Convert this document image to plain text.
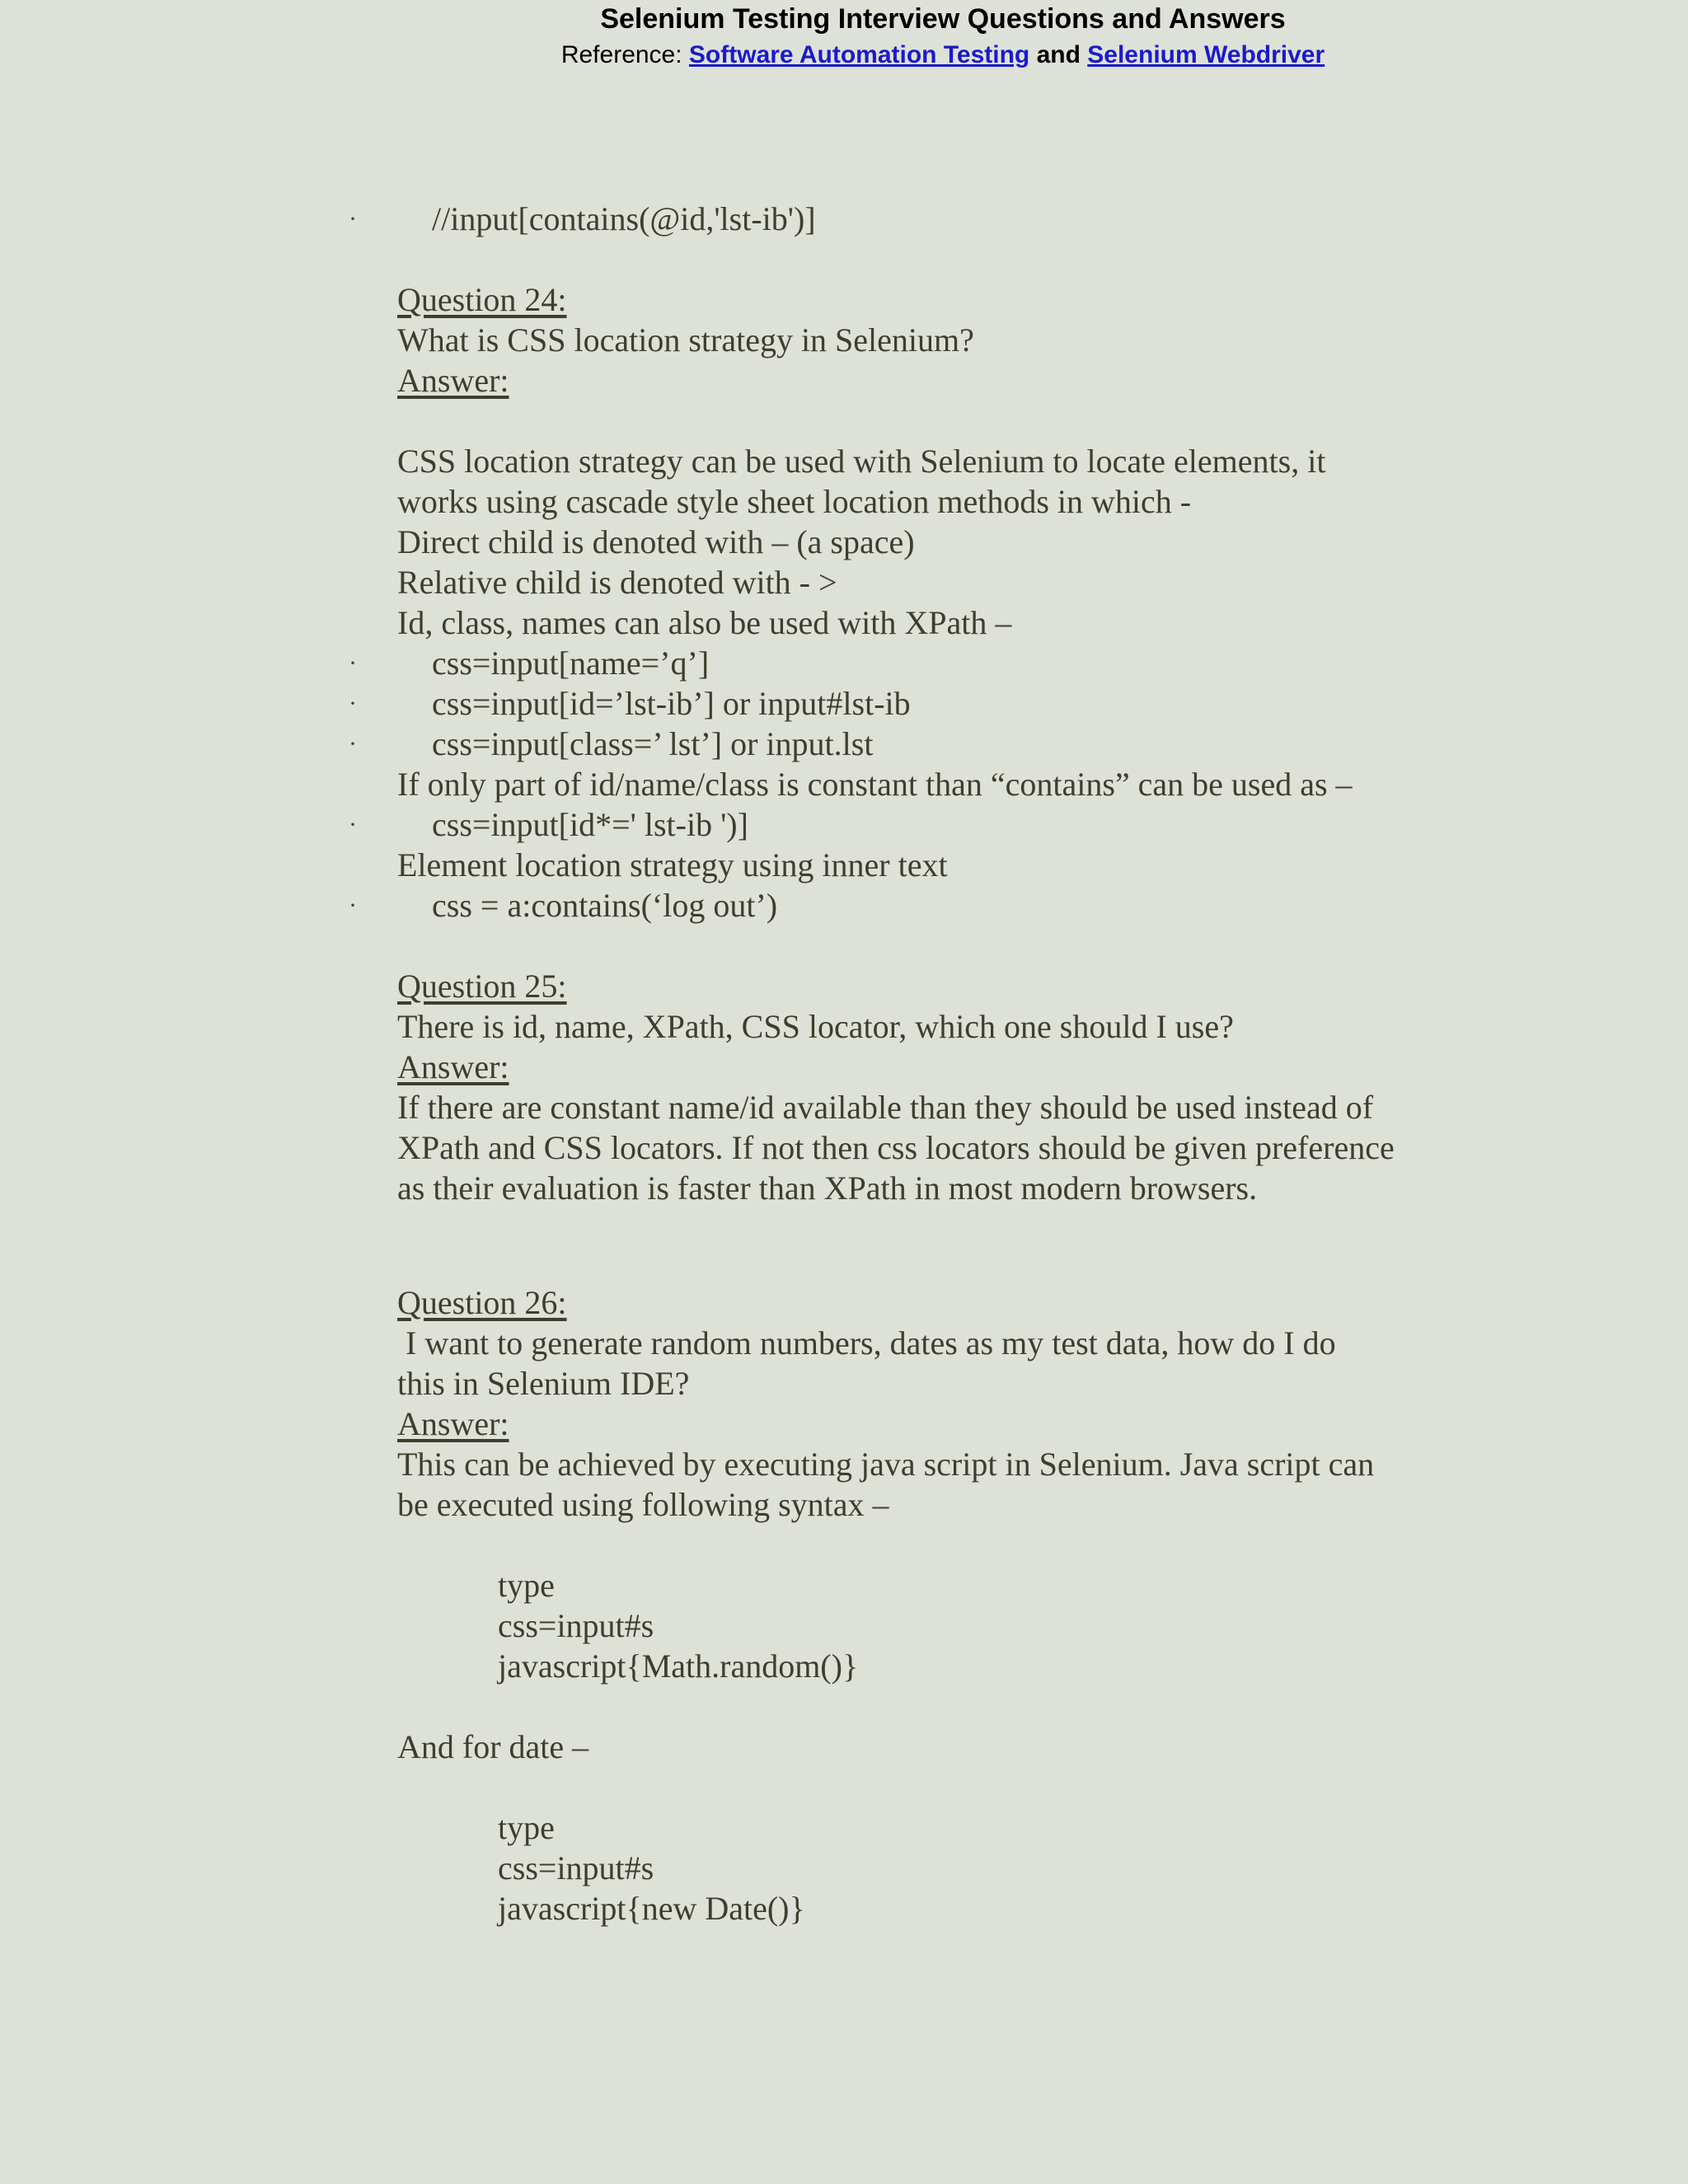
Selenium Testing Interview Questions and Answers
Reference: Software Automation Testing and Selenium Webdriver
· //input[contains(@id,'lst-ib')]
Question 24:
What is CSS location strategy in Selenium?
Answer:
CSS location strategy can be used with Selenium to locate elements, it
works using cascade style sheet location methods in which -
Direct child is denoted with – (a space)
Relative child is denoted with - >
Id, class, names can also be used with XPath –
· css=input[name=’q’]
· css=input[id=’lst-ib’] or input#lst-ib
· css=input[class=’ lst’] or input.lst
If only part of id/name/class is constant than “contains” can be used as –
· css=input[id*=' lst-ib ')]
Element location strategy using inner text
· css = a:contains(‘log out’)
Question 25:
There is id, name, XPath, CSS locator, which one should I use?
Answer:
If there are constant name/id available than they should be used instead of
XPath and CSS locators. If not then css locators should be given preference
as their evaluation is faster than XPath in most modern browsers.
Question 26:
I want to generate random numbers, dates as my test data, how do I do
this in Selenium IDE?
Answer:
This can be achieved by executing java script in Selenium. Java script can
be executed using following syntax –
type
css=input#s
javascript{Math.random()}
And for date –
type
css=input#s
javascript{new Date()}
